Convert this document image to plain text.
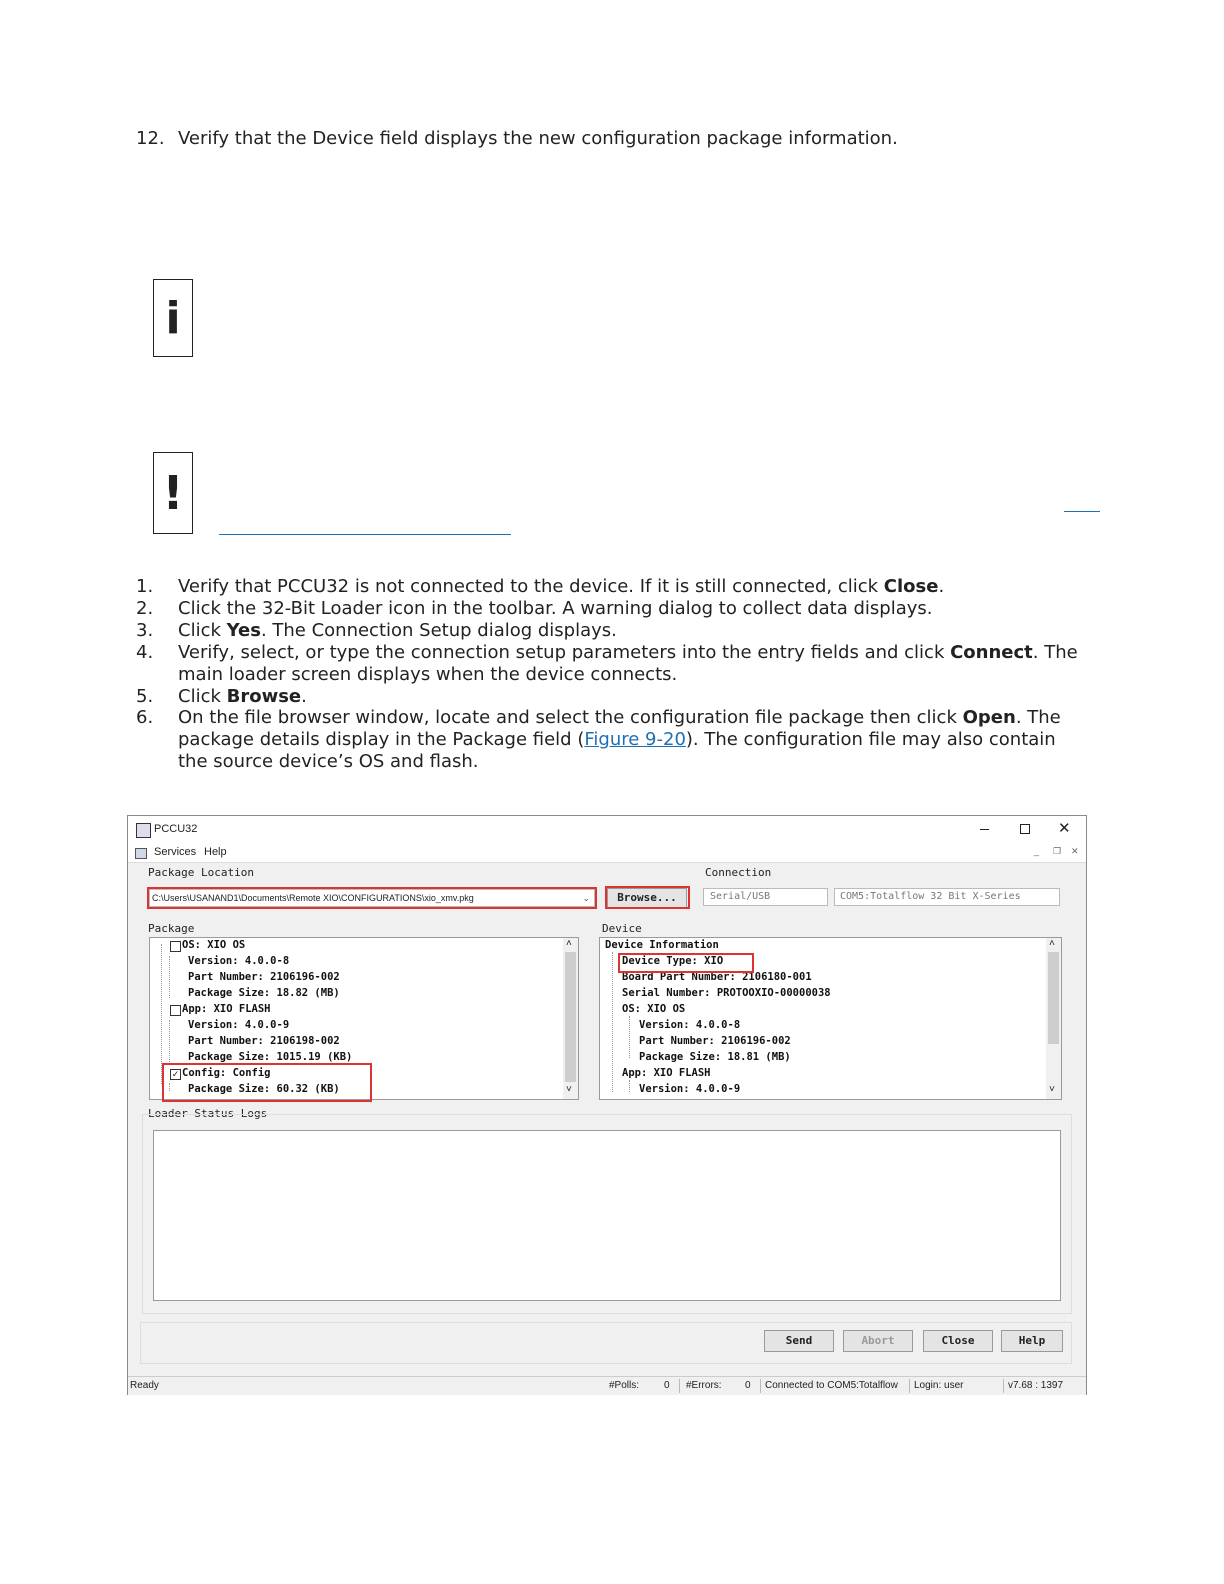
12. Verify that the Device field displays the new configuration package information.
i
!
1. Verify that PCCU32 is not connected to the device. If it is still connected, click Close.
2. Click the 32-Bit Loader icon in the toolbar. A warning dialog to collect data displays.
3. Click Yes. The Connection Setup dialog displays.
4. Verify, select, or type the connection setup parameters into the entry fields and click Connect. The main loader screen displays when the device connects.
5. Click Browse.
6. On the file browser window, locate and select the configuration file package then click Open. The package details display in the Package field (Figure 9-20). The configuration file may also contain the source device’s OS and flash.
PCCU32	✕
Services Help	_ ❐ ✕
Package Location
C:\Users\USANAND1\Documents\Remote XIO\CONFIGURATIONS\xio_xmv.pkg	⌄	Browse...
Connection
Serial/USB	COM5:Totalflow 32 Bit X-Series
Package
OS: XIO OS
Version: 4.0.0-8
Part Number: 2106196-002
Package Size: 18.82 (MB)
App: XIO FLASH
Version: 4.0.0-9
Part Number: 2106198-002
Package Size: 1015.19 (KB)
✓ Config: Config
Package Size: 60.32 (KB)
˄
˅
Device
Device Information
Device Type: XIO
Board Part Number: 2106180-001
Serial Number: PROTOOXIO-00000038
OS: XIO OS
Version: 4.0.0-8
Part Number: 2106196-002
Package Size: 18.81 (MB)
App: XIO FLASH
Version: 4.0.0-9
˄
˅
Loader Status Logs
Send	Abort	Close	Help
Ready	#Polls: 0 #Errors: 0 Connected to COM5:Totalflow Login: user	v7.68 : 1397
